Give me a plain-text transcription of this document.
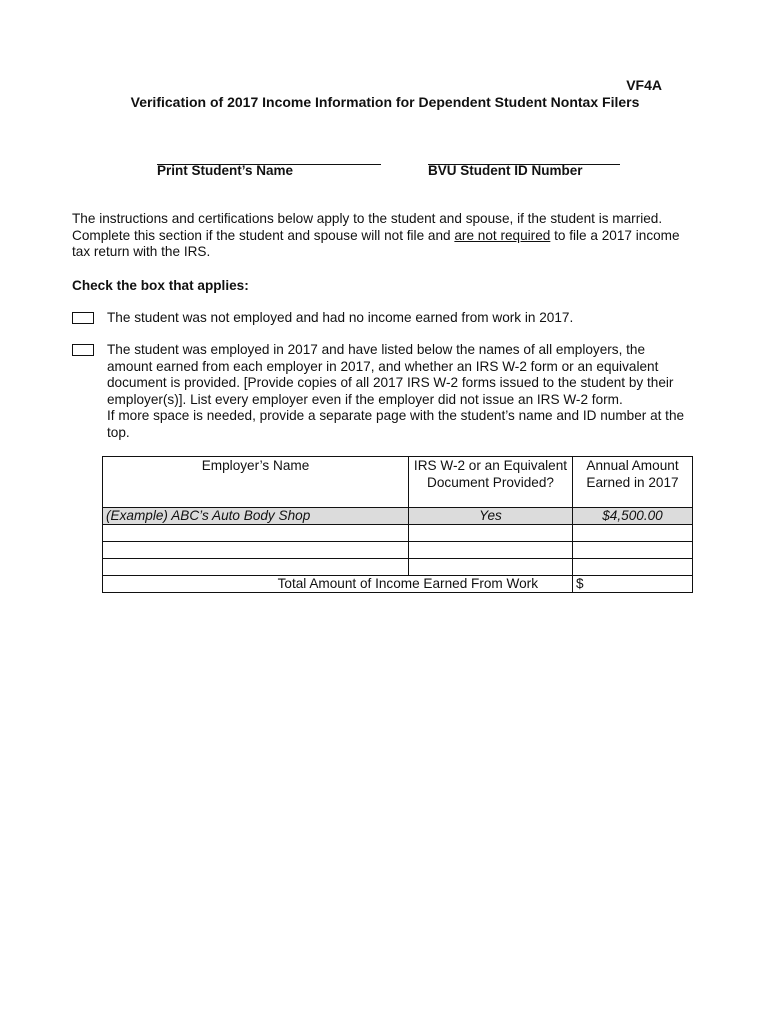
VF4A
Verification of 2017 Income Information for Dependent Student Nontax Filers
Print Student’s Name	BVU Student ID Number
The instructions and certifications below apply to the student and spouse, if the student is married.
Complete this section if the student and spouse will not file and are not required to file a 2017 income
tax return with the IRS.
Check the box that applies:
The student was not employed and had no income earned from work in 2017.
The student was employed in 2017 and have listed below the names of all employers, the
amount earned from each employer in 2017, and whether an IRS W-2 form or an equivalent
document is provided. [Provide copies of all 2017 IRS W-2 forms issued to the student by their
employer(s)]. List every employer even if the employer did not issue an IRS W-2 form.
If more space is needed, provide a separate page with the student’s name and ID number at the
top.
Employer’s Name	IRS W-2 or an Equivalent Document Provided?	Annual Amount Earned in 2017
(Example) ABC’s Auto Body Shop	Yes	$4,500.00

Total Amount of Income Earned From Work		$
